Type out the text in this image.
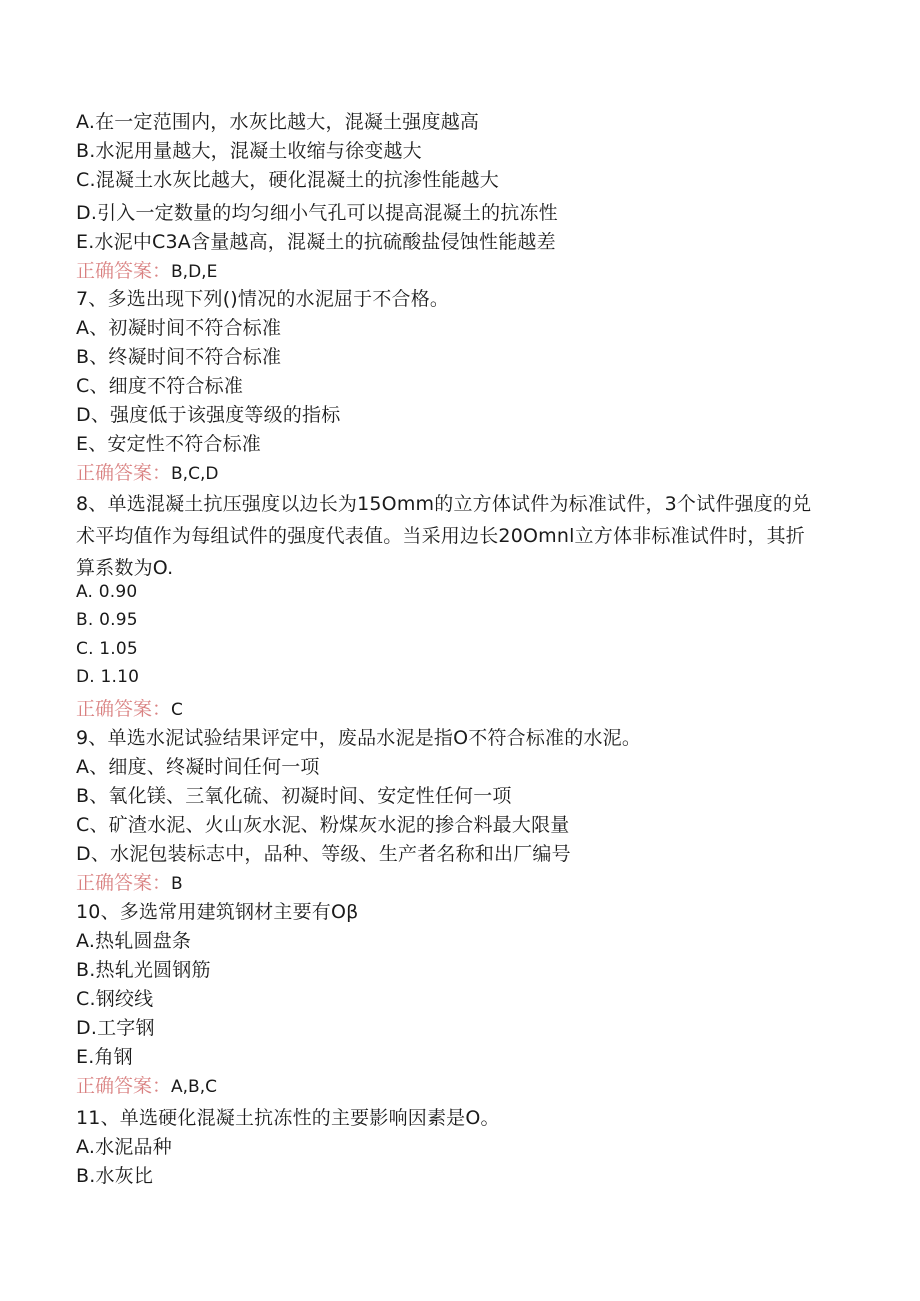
A.在一定范围内，水灰比越大，混凝土强度越高
B.水泥用量越大，混凝土收缩与徐变越大
C.混凝土水灰比越大，硬化混凝土的抗渗性能越大
D.引入一定数量的均匀细小气孔可以提高混凝土的抗冻性
E.水泥中C3A含量越高，混凝土的抗硫酸盐侵蚀性能越差
正确答案：B,D,E
7、多选出现下列()情况的水泥屈于不合格。
A、初凝时间不符合标准
B、终凝时间不符合标准
C、细度不符合标准
D、强度低于该强度等级的指标
E、安定性不符合标准
正确答案：B,C,D
8、单选混凝土抗压强度以边长为15Omm的立方体试件为标准试件，3个试件强度的兑术平均值作为每组试件的强度代表值。当采用边长20Omnl立方体非标准试件时，其折算系数为O.
A. 0.90
B. 0.95
C. 1.05
D. 1.10
正确答案：C
9、单选水泥试验结果评定中，废品水泥是指O不符合标准的水泥。
A、细度、终凝时间任何一项
B、氧化镁、三氧化硫、初凝时间、安定性任何一项
C、矿渣水泥、火山灰水泥、粉煤灰水泥的掺合料最大限量
D、水泥包装标志中，品种、等级、生产者名称和出厂编号
正确答案：B
10、多选常用建筑钢材主要有Oβ
A.热轧圆盘条
B.热轧光圆钢筋
C.钢绞线
D.工字钢
E.角钢
正确答案：A,B,C
11、单选硬化混凝土抗冻性的主要影响因素是O。
A.水泥品种
B.水灰比
